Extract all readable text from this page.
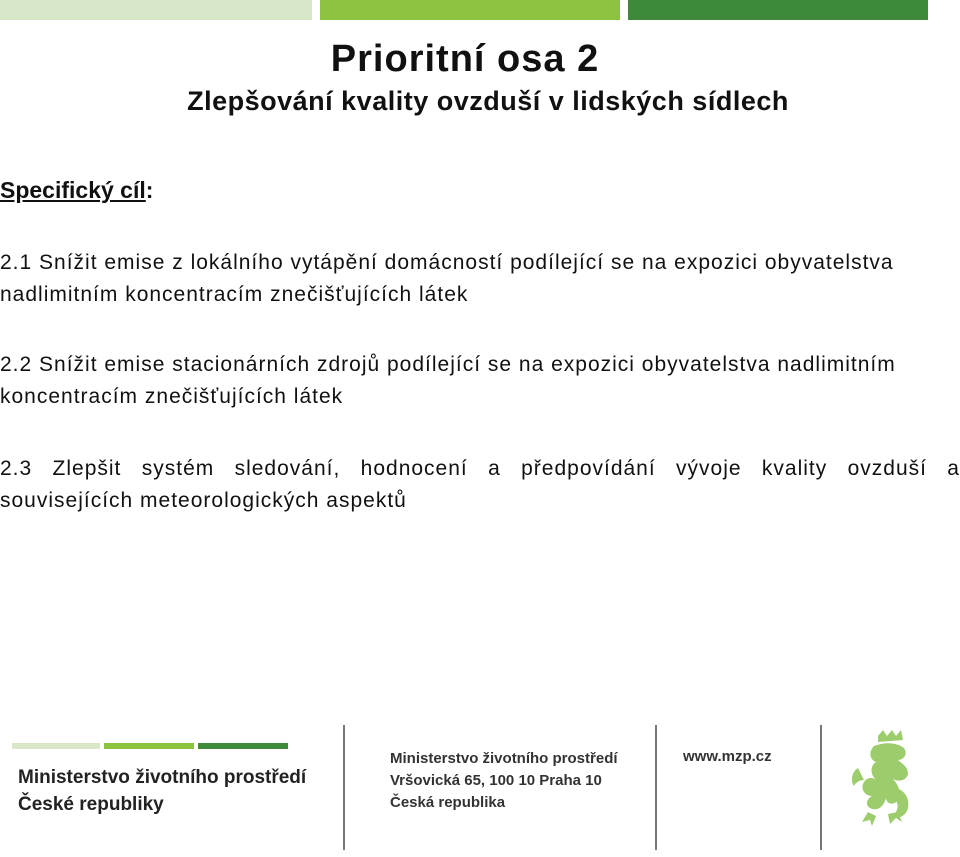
Prioritní osa 2
Zlepšování kvality ovzduší v lidských sídlech
Specifický cíl:
2.1 Snížit emise z lokálního vytápění domácností podílející se na expozici obyvatelstva nadlimitním koncentracím znečišťujících látek
2.2 Snížit emise stacionárních zdrojů podílející se na expozici obyvatelstva nadlimitním koncentracím znečišťujících látek
2.3 Zlepšit systém sledování, hodnocení a předpovídání vývoje kvality ovzduší a souvisejících meteorologických aspektů
Ministerstvo životního prostředí
České republiky
Ministerstvo životního prostředí
Vršovická 65, 100 10 Praha 10
Česká republika
www.mzp.cz
